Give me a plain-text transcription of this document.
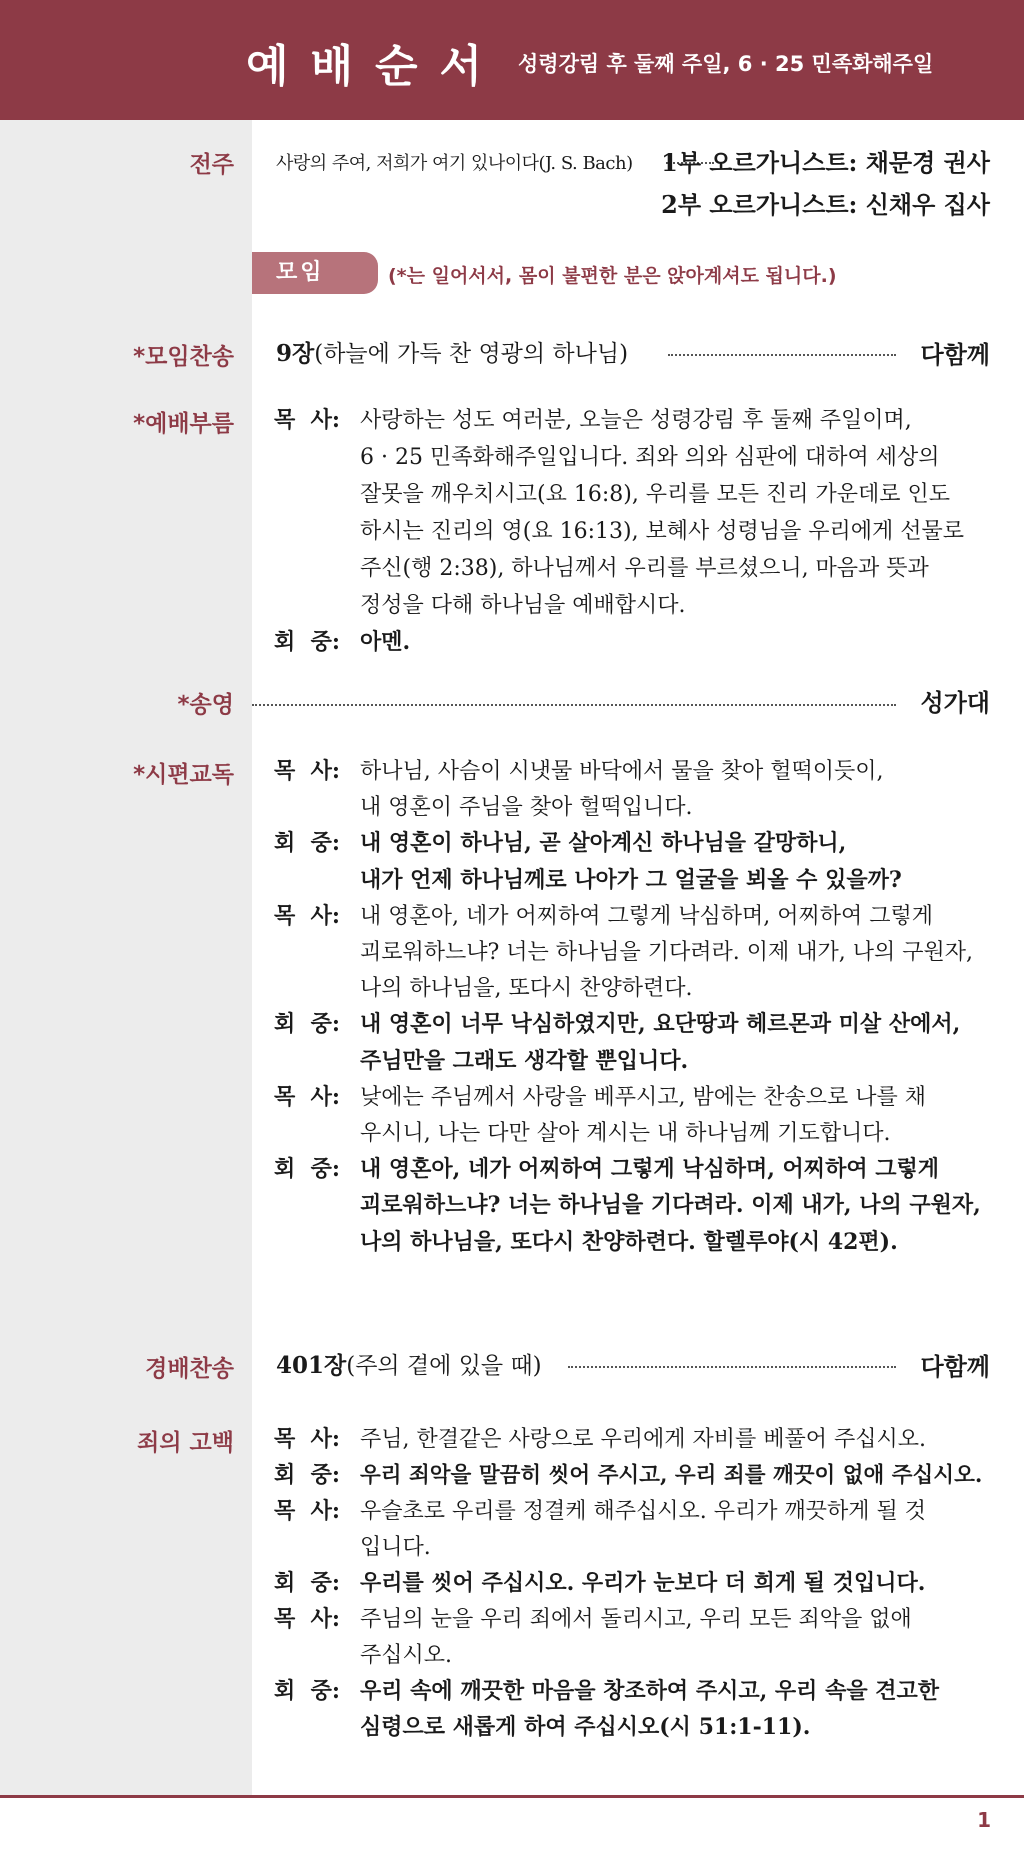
예배순서 성령강림 후 둘째 주일, 6 · 25 민족화해주일
전주 사랑의 주여, 저희가 여기 있나이다(J. S. Bach) 1부 오르가니스트: 채문경 권사
2부 오르가니스트: 신채우 집사
모임	(*는 일어서서, 몸이 불편한 분은 앉아계셔도 됩니다.)
*모임찬송 9장(하늘에 가득 찬 영광의 하나님)	다함께
*예배부름 목  사: 사랑하는 성도 여러분, 오늘은 성령강림 후 둘째 주일이며,
6 · 25 민족화해주일입니다. 죄와 의와 심판에 대하여 세상의
잘못을 깨우치시고(요 16:8), 우리를 모든 진리 가운데로 인도
하시는 진리의 영(요 16:13), 보혜사 성령님을 우리에게 선물로
주신(행 2:38), 하나님께서 우리를 부르셨으니, 마음과 뜻과
정성을 다해 하나님을 예배합시다.
회  중: 아멘.
*송영	성가대
*시편교독 목  사: 하나님, 사슴이 시냇물 바닥에서 물을 찾아 헐떡이듯이,
내 영혼이 주님을 찾아 헐떡입니다.
회  중: 내 영혼이 하나님, 곧 살아계신 하나님을 갈망하니,
내가 언제 하나님께로 나아가 그 얼굴을 뵈올 수 있을까?
목  사: 내 영혼아, 네가 어찌하여 그렇게 낙심하며, 어찌하여 그렇게
괴로워하느냐? 너는 하나님을 기다려라. 이제 내가, 나의 구원자,
나의 하나님을, 또다시 찬양하련다.
회  중: 내 영혼이 너무 낙심하였지만, 요단땅과 헤르몬과 미살 산에서,
주님만을 그래도 생각할 뿐입니다.
목  사: 낮에는 주님께서 사랑을 베푸시고, 밤에는 찬송으로 나를 채
우시니, 나는 다만 살아 계시는 내 하나님께 기도합니다.
회  중: 내 영혼아, 네가 어찌하여 그렇게 낙심하며, 어찌하여 그렇게
괴로워하느냐? 너는 하나님을 기다려라. 이제 내가, 나의 구원자,
나의 하나님을, 또다시 찬양하련다. 할렐루야(시 42편).
경배찬송 401장(주의 곁에 있을 때)	다함께
죄의 고백 목  사: 주님, 한결같은 사랑으로 우리에게 자비를 베풀어 주십시오.
회  중: 우리 죄악을 말끔히 씻어 주시고, 우리 죄를 깨끗이 없애 주십시오.
목  사: 우슬초로 우리를 정결케 해주십시오. 우리가 깨끗하게 될 것
입니다.
회  중: 우리를 씻어 주십시오. 우리가 눈보다 더 희게 될 것입니다.
목  사: 주님의 눈을 우리 죄에서 돌리시고, 우리 모든 죄악을 없애
주십시오.
회  중: 우리 속에 깨끗한 마음을 창조하여 주시고, 우리 속을 견고한
심령으로 새롭게 하여 주십시오(시 51:1-11).
1
